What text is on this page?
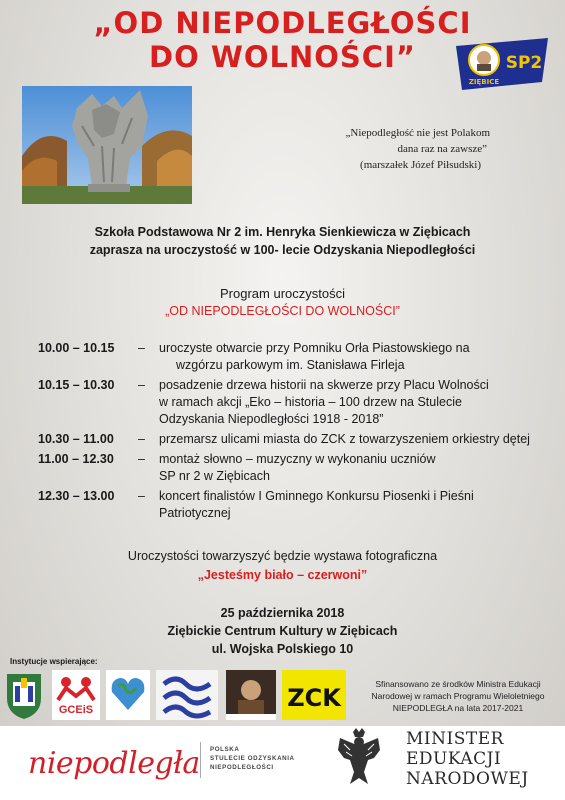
„OD NIEPODLEGŁOŚCI
DO WOLNOŚCI”	SP2
ZIĘBICE
„Niepodległość nie jest Polakom
dana raz na zawsze”
(marszałek Józef Piłsudski)
Szkoła Podstawowa Nr 2 im. Henryka Sienkiewicza w Ziębicach
zaprasza na uroczystość w 100- lecie Odzyskania Niepodległości
Program uroczystości
„OD NIEPODLEGŁOŚCI DO WOLNOŚCI”
10.00 – 10.15	–	uroczyste otwarcie przy Pomniku Orła Piastowskiego na
wzgórzu parkowym im. Stanisława Firleja
10.15 – 10.30	–	posadzenie drzewa historii na skwerze przy Placu Wolności
w ramach akcji „Eko – historia – 100 drzew na Stulecie
Odzyskania Niepodległości 1918 - 2018”
10.30 – 11.00	–	przemarsz ulicami miasta do ZCK z towarzyszeniem orkiestry dętej
11.00 – 12.30	–	montaż słowno – muzyczny w wykonaniu uczniów
SP nr 2 w Ziębicach
12.30 – 13.00	–	koncert finalistów I Gminnego Konkursu Piosenki i Pieśni
Patriotycznej
Uroczystości towarzyszyć będzie wystawa fotograficzna
„Jesteśmy biało – czerwoni”
25 października 2018
Ziębickie Centrum Kultury w Ziębicach
ul. Wojska Polskiego 10
Instytucje wspierające:
GCEiS	ZCK	Sfinansowano ze środków Ministra Edukacji
Narodowej w ramach Programu Wieloletniego
NIEPODLEGŁA na lata 2017-2021
niepodległa POLSKA
STULECIE ODZYSKANIA
NIEPODLEGŁOŚCI
MINISTER
EDUKACJI
NARODOWEJ
